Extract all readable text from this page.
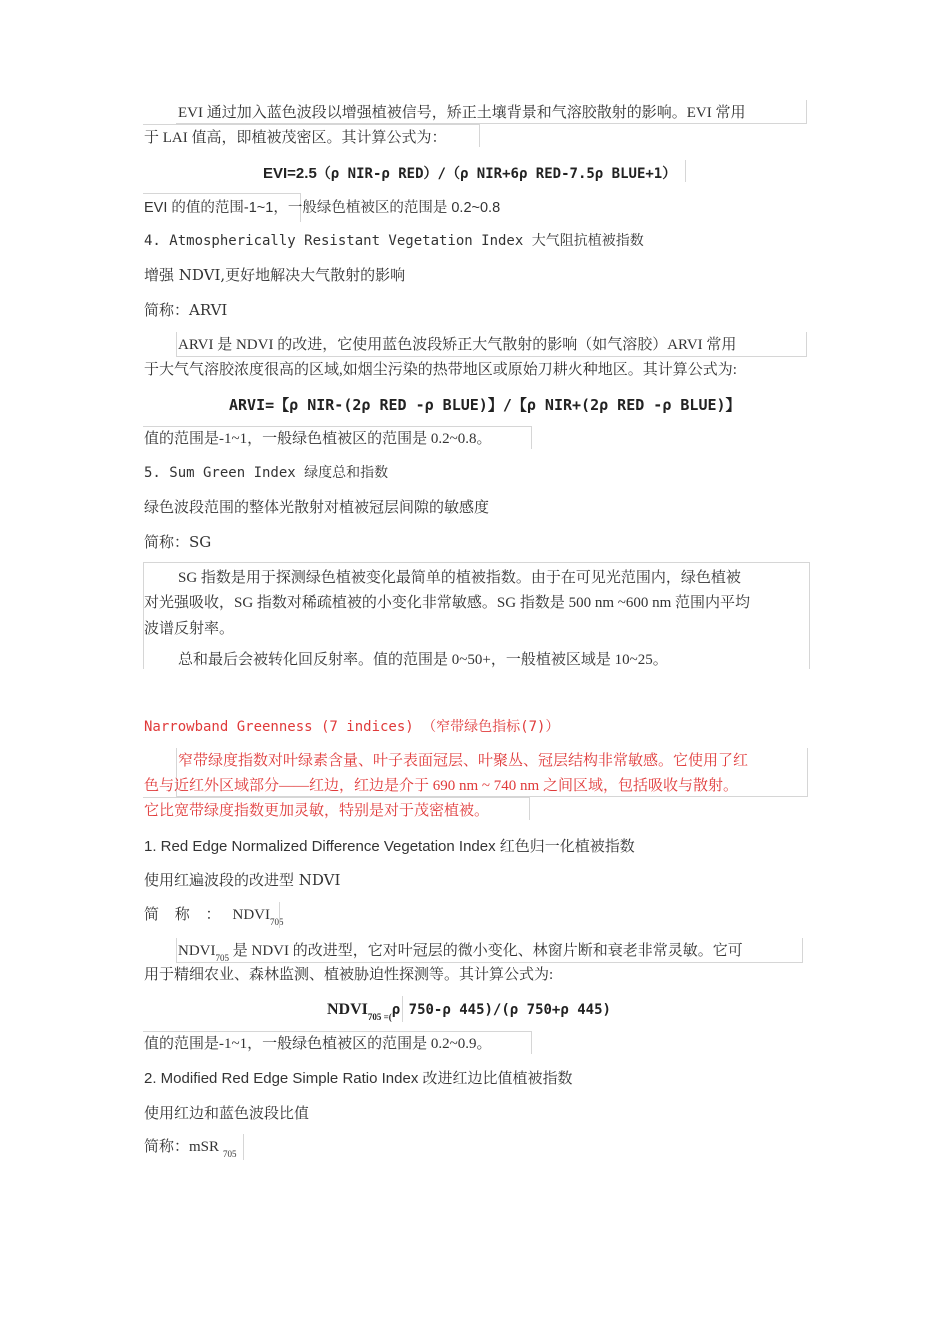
EVI 通过加入蓝色波段以增强植被信号，矫正土壤背景和气溶胶散射的影响。EVI 常用
于 LAI 值高，即植被茂密区。其计算公式为：
EVI=2.5（ρ NIR-ρ RED）/（ρ NIR+6ρ RED-7.5ρ BLUE+1）
EVI 的值的范围-1~1，一般绿色植被区的范围是 0.2~0.8
4. Atmospherically Resistant Vegetation Index 大气阻抗植被指数
增强 NDVI,更好地解决大气散射的影响
简称：ARVI
ARVI 是 NDVI 的改进，它使用蓝色波段矫正大气散射的影响（如气溶胶）ARVI 常用
于大气气溶胶浓度很高的区域,如烟尘污染的热带地区或原始刀耕火种地区。其计算公式为:
ARVI=【ρ NIR-(2ρ RED -ρ BLUE)】/【ρ NIR+(2ρ RED -ρ BLUE)】
值的范围是-1~1，一般绿色植被区的范围是 0.2~0.8。
5. Sum Green Index 绿度总和指数
绿色波段范围的整体光散射对植被冠层间隙的敏感度
简称：SG
SG 指数是用于探测绿色植被变化最简单的植被指数。由于在可见光范围内，绿色植被
对光强吸收，SG 指数对稀疏植被的小变化非常敏感。SG 指数是 500 nm ~600 nm 范围内平均
波谱反射率。
总和最后会被转化回反射率。值的范围是 0~50+，一般植被区域是 10~25。
Narrowband Greenness (7 indices) （窄带绿色指标(7)）
窄带绿度指数对叶绿素含量、叶子表面冠层、叶聚丛、冠层结构非常敏感。它使用了红
色与近红外区域部分——红边，红边是介于 690 nm ~ 740 nm 之间区域，包括吸收与散射。
它比宽带绿度指数更加灵敏，特别是对于茂密植被。
1. Red Edge Normalized Difference Vegetation Index 红色归一化植被指数
使用红遍波段的改进型 NDVI
简 称 ： $NDVI_{705}$
$NDVI_{705}$ 是 NDVI 的改进型，它对叶冠层的微小变化、林窗片断和衰老非常灵敏。它可
用于精细农业、森林监测、植被胁迫性探测等。其计算公式为:
$NDVI_{705 =(}\rho$ 750-ρ 445)/(ρ 750+ρ 445)
值的范围是-1~1，一般绿色植被区的范围是 0.2~0.9。
2. Modified Red Edge Simple Ratio Index 改进红边比值植被指数
使用红边和蓝色波段比值
简称：mSR $_{705}$
